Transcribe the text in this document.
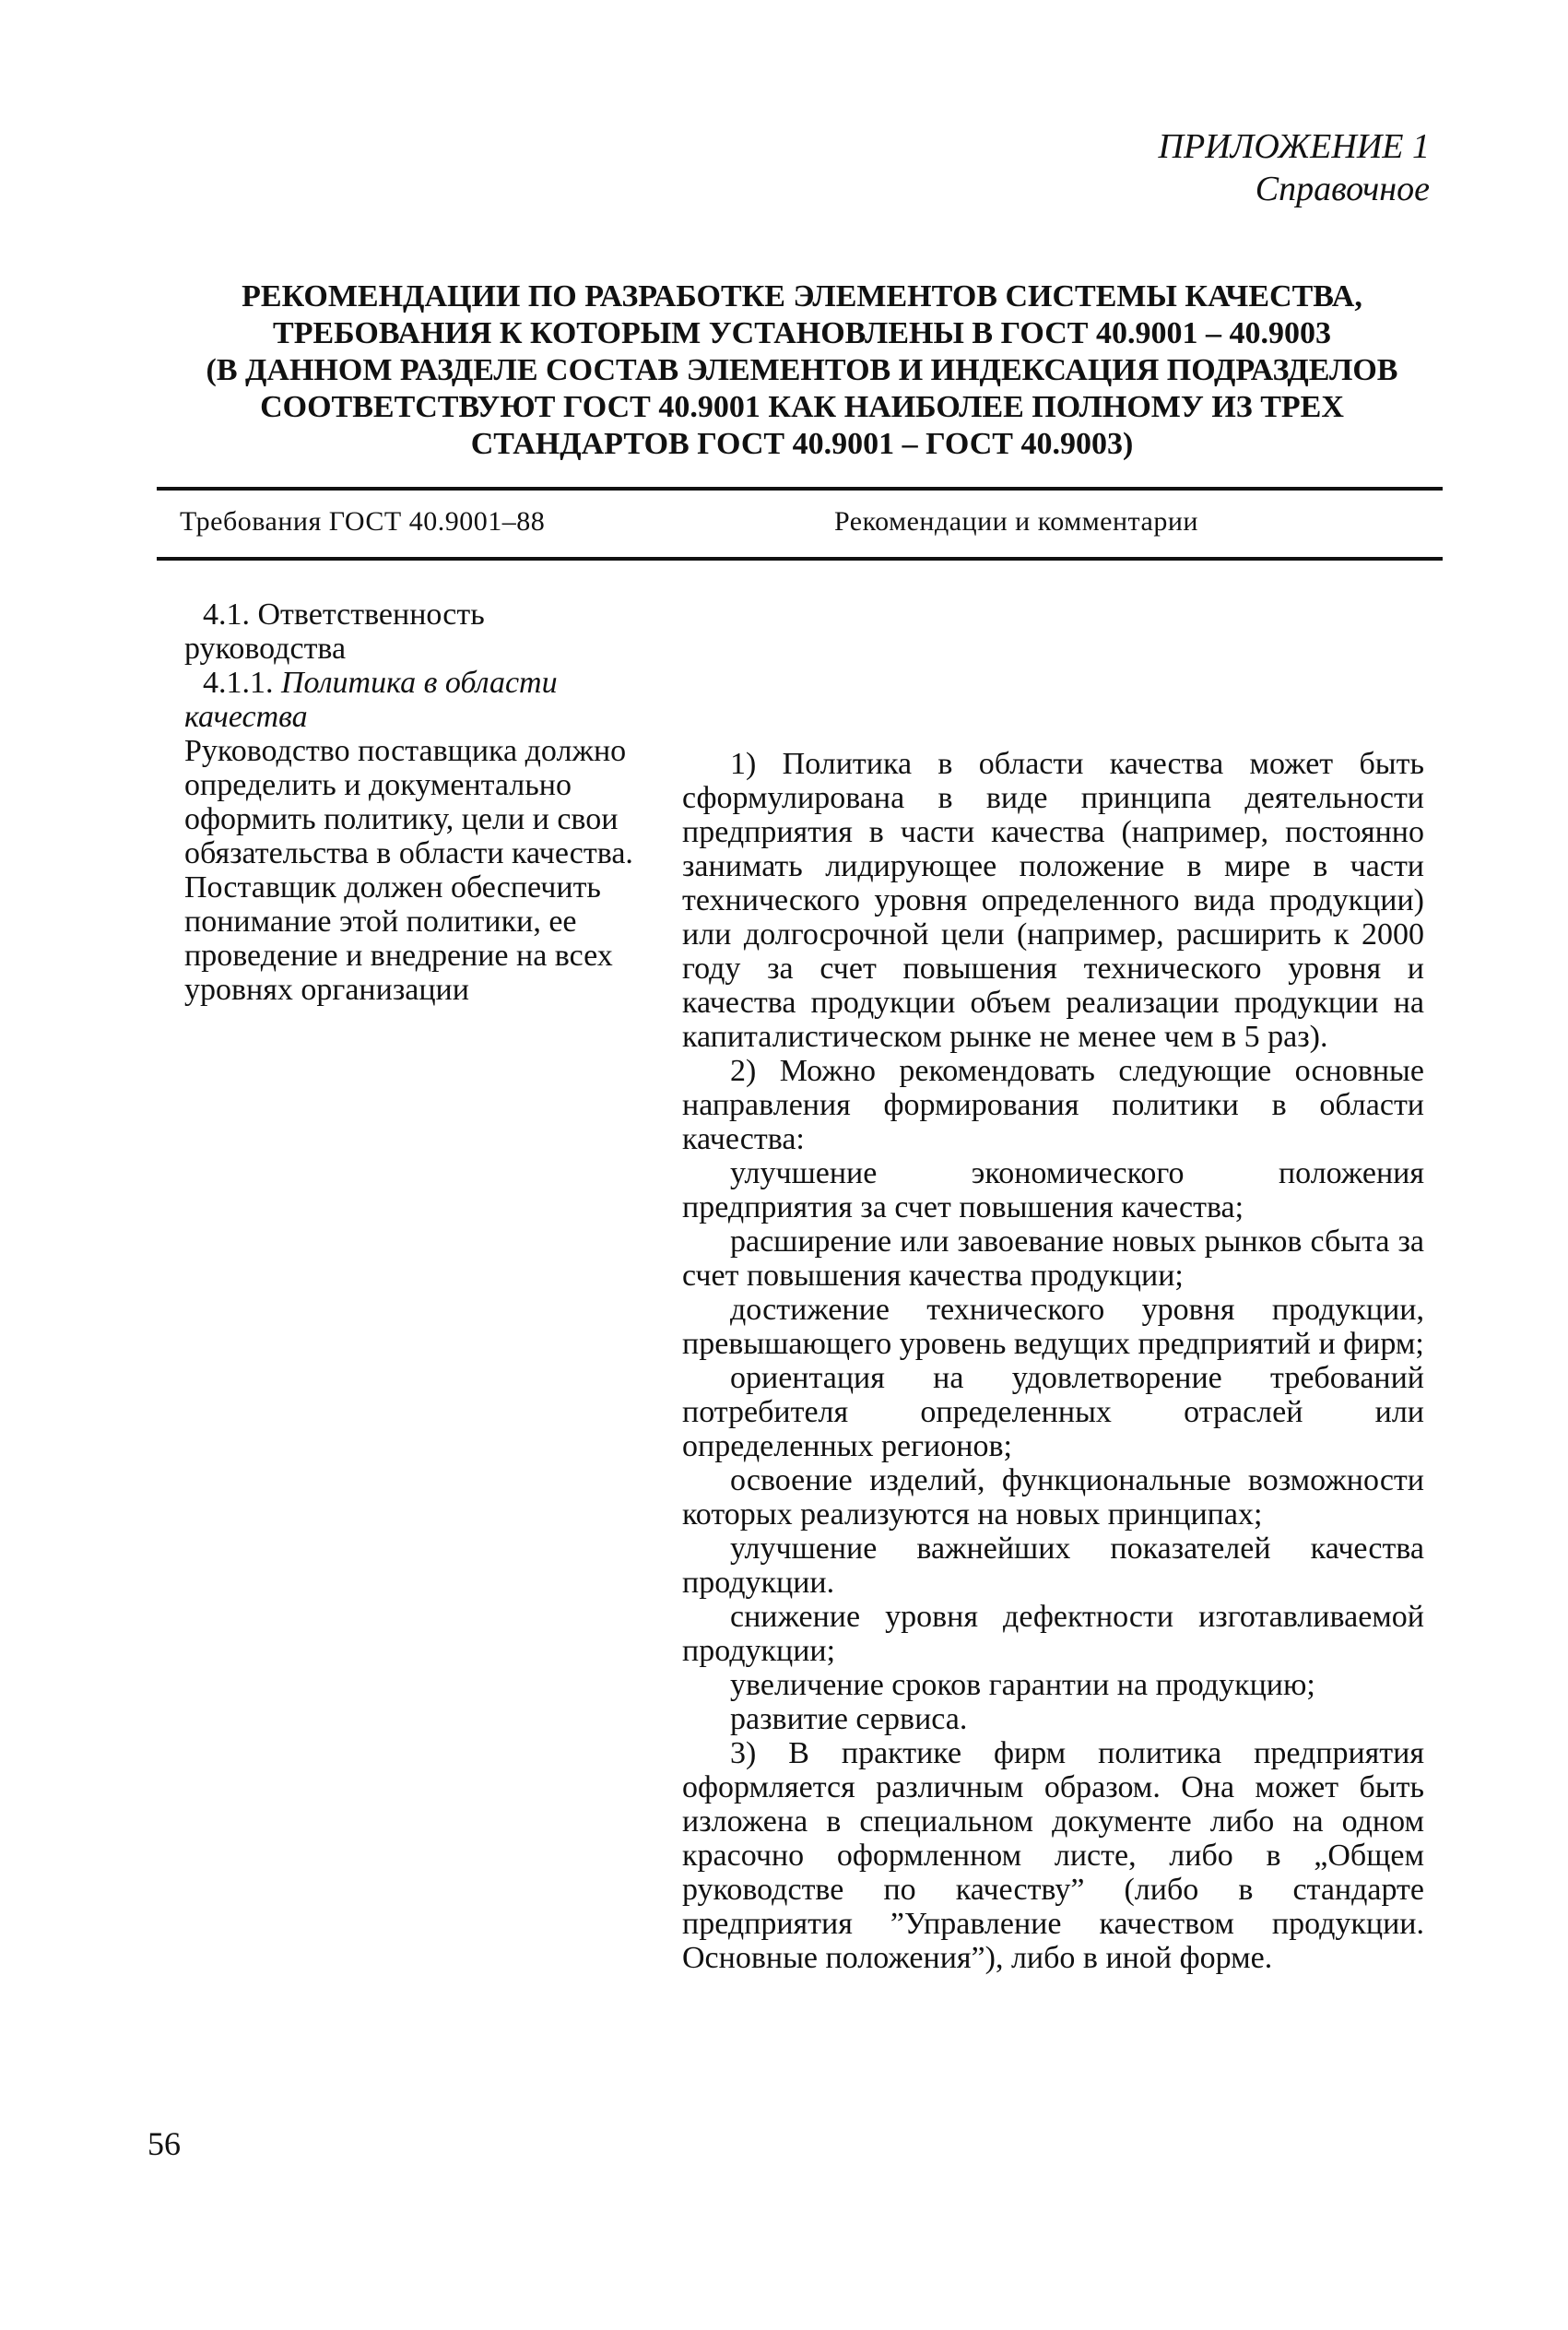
ПРИЛОЖЕНИЕ 1
Справочное
РЕКОМЕНДАЦИИ ПО РАЗРАБОТКЕ ЭЛЕМЕНТОВ СИСТЕМЫ КАЧЕСТВА,
ТРЕБОВАНИЯ К КОТОРЫМ УСТАНОВЛЕНЫ В ГОСТ 40.9001 – 40.9003
(В ДАННОМ РАЗДЕЛЕ СОСТАВ ЭЛЕМЕНТОВ И ИНДЕКСАЦИЯ ПОДРАЗДЕЛОВ
СООТВЕТСТВУЮТ ГОСТ 40.9001 КАК НАИБОЛЕЕ ПОЛНОМУ ИЗ ТРЕХ
СТАНДАРТОВ ГОСТ 40.9001 – ГОСТ 40.9003)
Требования ГОСТ 40.9001–88	Рекомендации и комментарии

4.1. Ответственность руководства

4.1.1. Политика в области качества

Руководство поставщика должно определить и документально оформить политику, цели и свои обязательства в области качества. Поставщик должен обеспечить понимание этой политики, ее проведение и внедрение на всех уровнях организации

1) Политика в области качества может быть сформулирована в виде принципа деятельности предприятия в части качества (например, постоянно занимать лидирующее положение в мире в части технического уровня определенного вида продукции) или долгосрочной цели (например, расширить к 2000 году за счет повышения технического уровня и качества продукции объем реализации продукции на капиталистическом рынке не менее чем в 5 раз).

2) Можно рекомендовать следующие основные направления формирования политики в области качества:

улучшение экономического положения предприятия за счет повышения качества;

расширение или завоевание новых рынков сбыта за счет повышения качества продукции;

достижение технического уровня продукции, превышающего уровень ведущих предприятий и фирм;

ориентация на удовлетворение требований потребителя определенных отраслей или определенных регионов;

освоение изделий, функциональные возможности которых реализуются на новых принципах;

улучшение важнейших показателей качества продукции.

снижение уровня дефектности изготавливаемой продукции;

увеличение сроков гарантии на продукцию;

развитие сервиса.

3) В практике фирм политика предприятия оформляется различным образом. Она может быть изложена в специальном документе либо на одном красочно оформленном листе, либо в „Общем руководстве по качеству” (либо в стандарте предприятия ”Управление качеством продукции. Основные положения”), либо в иной форме.

56
